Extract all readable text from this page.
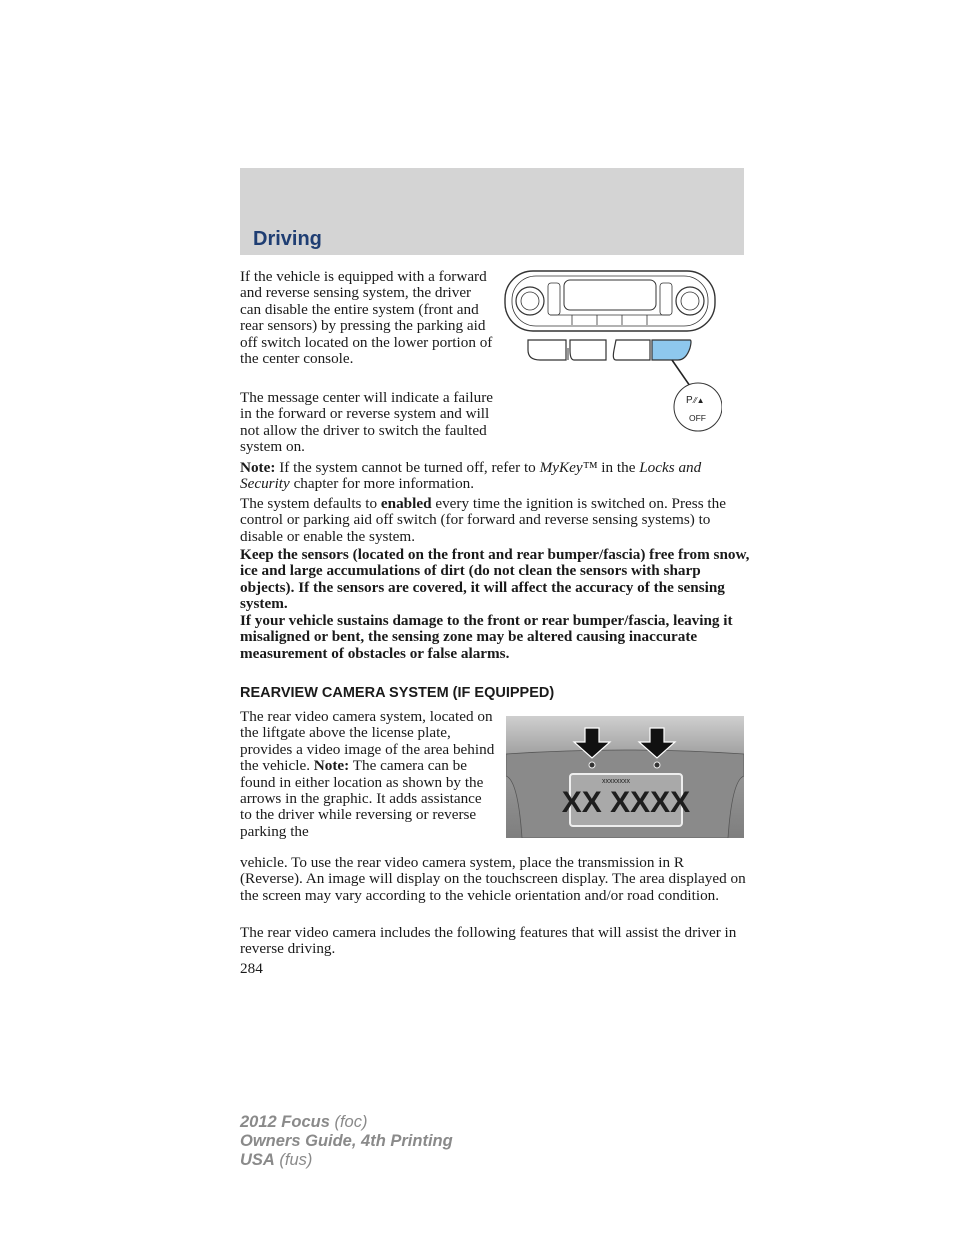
Driving

If the vehicle is equipped with a forward and reverse sensing system, the driver can disable the entire system (front and rear sensors) by pressing the parking aid off switch located on the lower portion of the center console.

The message center will indicate a failure in the forward or reverse system and will not allow the driver to switch the faulted system on.

Note: If the system cannot be turned off, refer to MyKey™ in the Locks and Security chapter for more information.

The system defaults to enabled every time the ignition is switched on. Press the control or parking aid off switch (for forward and reverse sensing systems) to disable or enable the system.

Keep the sensors (located on the front and rear bumper/fascia) free from snow, ice and large accumulations of dirt (do not clean the sensors with sharp objects). If the sensors are covered, it will affect the accuracy of the sensing system.

If your vehicle sustains damage to the front or rear bumper/fascia, leaving it misaligned or bent, the sensing zone may be altered causing inaccurate measurement of obstacles or false alarms.

REARVIEW CAMERA SYSTEM (IF EQUIPPED)

The rear video camera system, located on the liftgate above the license plate, provides a video image of the area behind the vehicle. Note: The camera can be found in either location as shown by the arrows in the graphic. It adds assistance to the driver while reversing or reverse parking the

vehicle. To use the rear video camera system, place the transmission in R (Reverse). An image will display on the touchscreen display. The area displayed on the screen may vary according to the vehicle orientation and/or road condition.

The rear video camera includes the following features that will assist the driver in reverse driving.

284
P ⁄⁄▲
OFF
xxxxxxxx
XX XXXX
2012 Focus (foc)
Owners Guide, 4th Printing
USA (fus)
